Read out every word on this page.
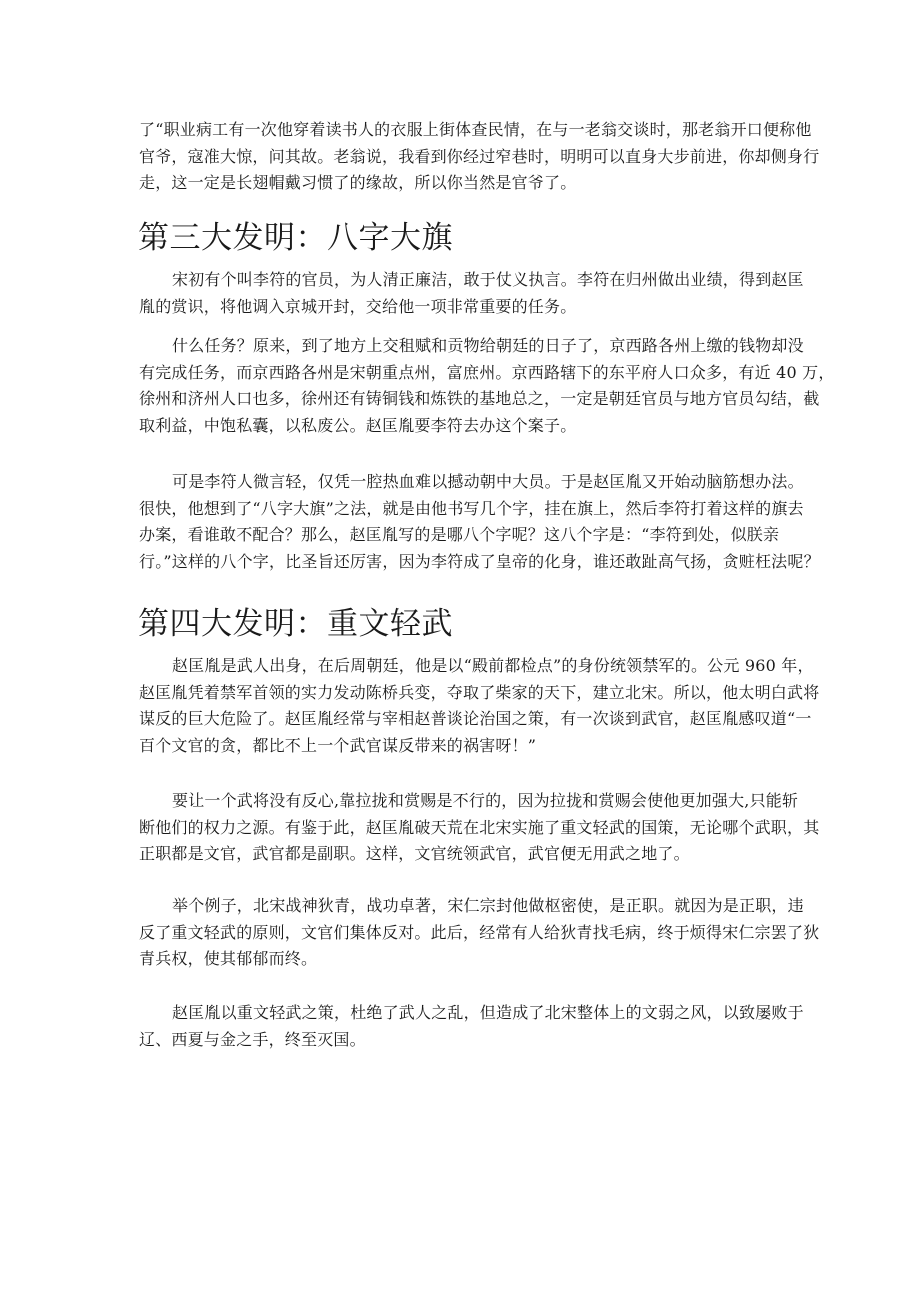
了“职业病工有一次他穿着读书人的衣服上街体查民情，在与一老翁交谈时，那老翁开口便称他
官爷，寇准大惊，问其故。老翁说，我看到你经过窄巷时，明明可以直身大步前进，你却侧身行
走，这一定是长翅帽戴习惯了的缘故，所以你当然是官爷了。
第三大发明：八字大旗
宋初有个叫李符的官员，为人清正廉洁，敢于仗义执言。李符在归州做出业绩，得到赵匡
胤的赏识，将他调入京城开封，交给他一项非常重要的任务。
什么任务？原来，到了地方上交租赋和贡物给朝廷的日子了，京西路各州上缴的钱物却没
有完成任务，而京西路各州是宋朝重点州，富庶州。京西路辖下的东平府人口众多，有近 40 万，
徐州和济州人口也多，徐州还有铸铜钱和炼铁的基地总之，一定是朝廷官员与地方官员勾结，截
取利益，中饱私囊，以私废公。赵匡胤要李符去办这个案子。
可是李符人微言轻，仅凭一腔热血难以撼动朝中大员。于是赵匡胤又开始动脑筋想办法。
很快，他想到了“八字大旗”之法，就是由他书写几个字，挂在旗上，然后李符打着这样的旗去
办案，看谁敢不配合？那么，赵匡胤写的是哪八个字呢？这八个字是：“李符到处，似朕亲
行。”这样的八个字，比圣旨还厉害，因为李符成了皇帝的化身，谁还敢趾高气扬，贪赃枉法呢？
第四大发明：重文轻武
赵匡胤是武人出身，在后周朝廷，他是以“殿前都检点”的身份统领禁军的。公元 960 年，
赵匡胤凭着禁军首领的实力发动陈桥兵变，夺取了柴家的天下，建立北宋。所以，他太明白武将
谋反的巨大危险了。赵匡胤经常与宰相赵普谈论治国之策，有一次谈到武官，赵匡胤感叹道“一
百个文官的贪，都比不上一个武官谋反带来的祸害呀！”
要让一个武将没有反心,靠拉拢和赏赐是不行的，因为拉拢和赏赐会使他更加强大,只能斩
断他们的权力之源。有鉴于此，赵匡胤破天荒在北宋实施了重文轻武的国策，无论哪个武职，其
正职都是文官，武官都是副职。这样，文官统领武官，武官便无用武之地了。
举个例子，北宋战神狄青，战功卓著，宋仁宗封他做枢密使，是正职。就因为是正职，违
反了重文轻武的原则，文官们集体反对。此后，经常有人给狄青找毛病，终于烦得宋仁宗罢了狄
青兵权，使其郁郁而终。
赵匡胤以重文轻武之策，杜绝了武人之乱，但造成了北宋整体上的文弱之风，以致屡败于
辽、西夏与金之手，终至灭国。
